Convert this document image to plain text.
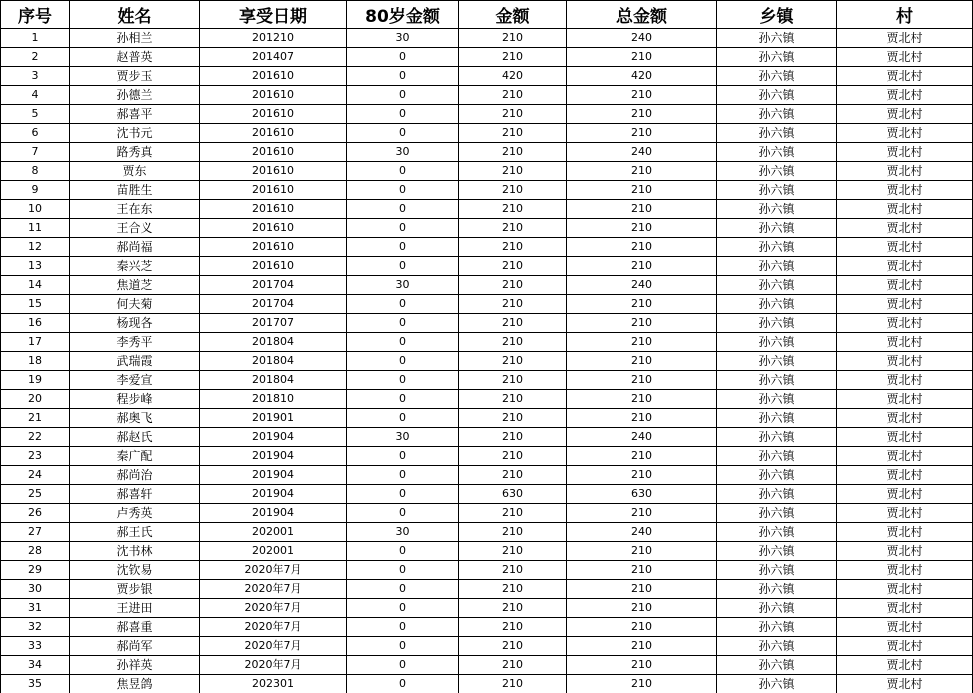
序号	姓名	享受日期	80岁金额	金额	总金额	乡镇	村
1	孙相兰	201210	30	210	240	孙六镇	贾北村
2	赵普英	201407	0	210	210	孙六镇	贾北村
3	贾步玉	201610	0	420	420	孙六镇	贾北村
4	孙德兰	201610	0	210	210	孙六镇	贾北村
5	郝喜平	201610	0	210	210	孙六镇	贾北村
6	沈书元	201610	0	210	210	孙六镇	贾北村
7	路秀真	201610	30	210	240	孙六镇	贾北村
8	贾东	201610	0	210	210	孙六镇	贾北村
9	苗胜生	201610	0	210	210	孙六镇	贾北村
10	王在东	201610	0	210	210	孙六镇	贾北村
11	王合义	201610	0	210	210	孙六镇	贾北村
12	郝尚福	201610	0	210	210	孙六镇	贾北村
13	秦兴芝	201610	0	210	210	孙六镇	贾北村
14	焦道芝	201704	30	210	240	孙六镇	贾北村
15	何夫菊	201704	0	210	210	孙六镇	贾北村
16	杨现各	201707	0	210	210	孙六镇	贾北村
17	李秀平	201804	0	210	210	孙六镇	贾北村
18	武瑞霞	201804	0	210	210	孙六镇	贾北村
19	李爱宣	201804	0	210	210	孙六镇	贾北村
20	程步峰	201810	0	210	210	孙六镇	贾北村
21	郝奥飞	201901	0	210	210	孙六镇	贾北村
22	郝赵氏	201904	30	210	240	孙六镇	贾北村
23	秦广配	201904	0	210	210	孙六镇	贾北村
24	郝尚治	201904	0	210	210	孙六镇	贾北村
25	郝喜轩	201904	0	630	630	孙六镇	贾北村
26	卢秀英	201904	0	210	210	孙六镇	贾北村
27	郝王氏	202001	30	210	240	孙六镇	贾北村
28	沈书林	202001	0	210	210	孙六镇	贾北村
29	沈钦易	2020年7月	0	210	210	孙六镇	贾北村
30	贾步银	2020年7月	0	210	210	孙六镇	贾北村
31	王进田	2020年7月	0	210	210	孙六镇	贾北村
32	郝喜重	2020年7月	0	210	210	孙六镇	贾北村
33	郝尚军	2020年7月	0	210	210	孙六镇	贾北村
34	孙祥英	2020年7月	0	210	210	孙六镇	贾北村
35	焦昱鸽	202301	0	210	210	孙六镇	贾北村
